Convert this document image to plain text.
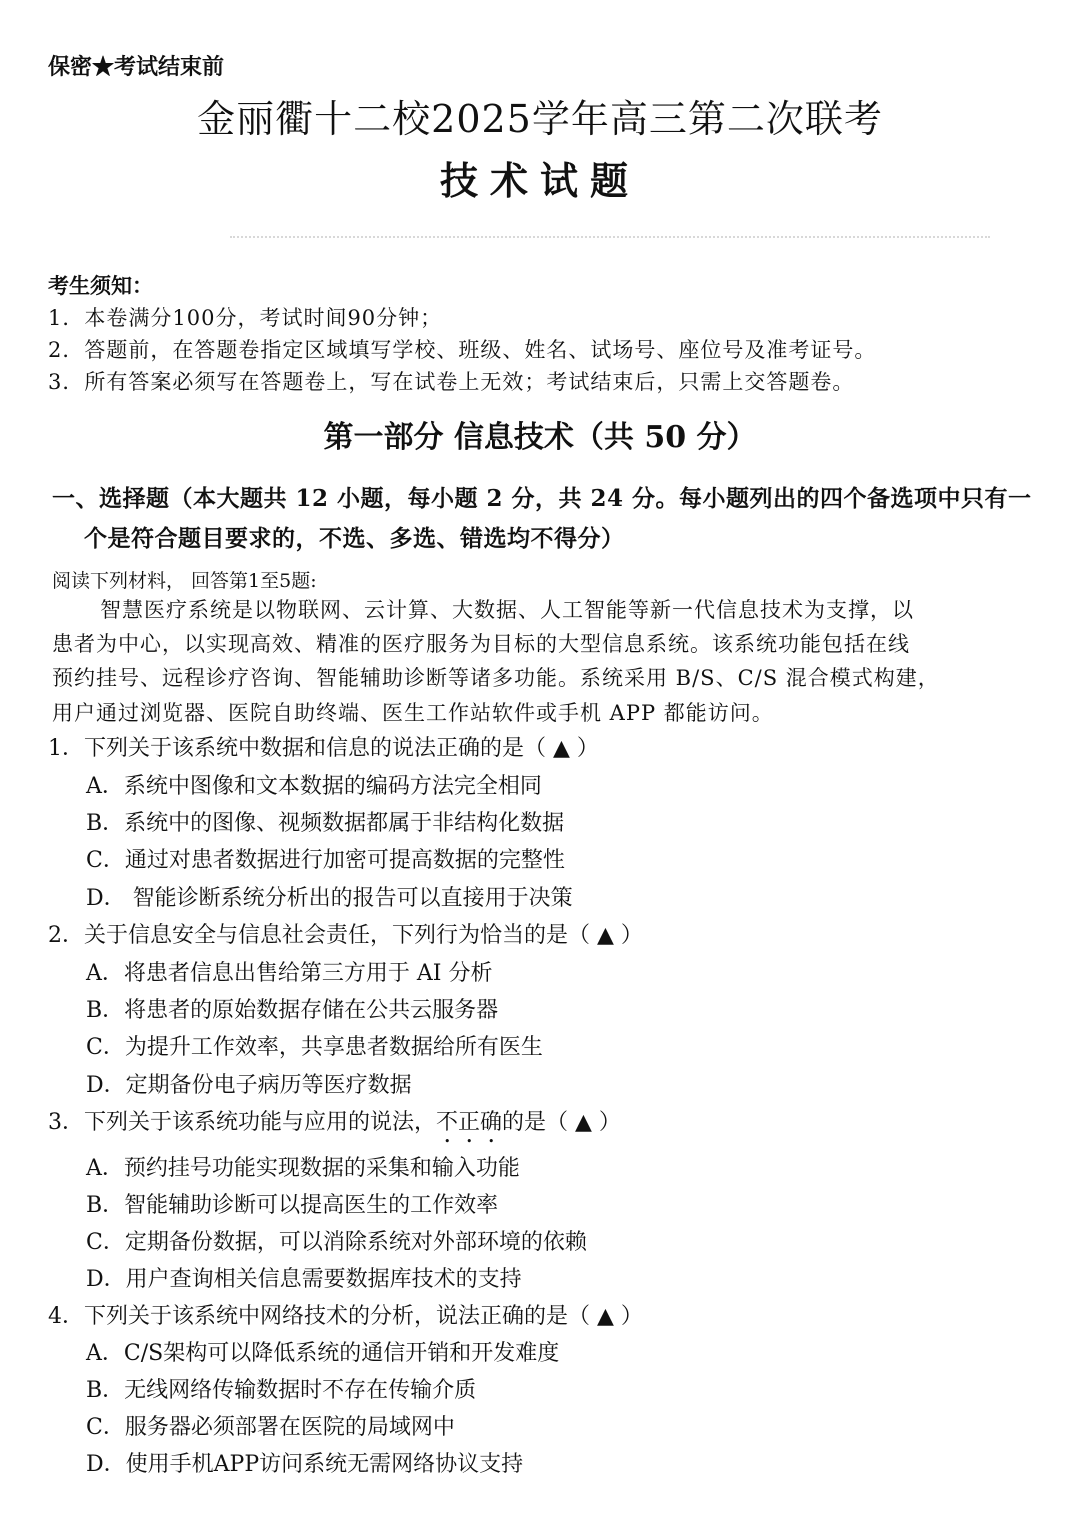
保密★考试结束前
金丽衢十二校2025学年高三第二次联考
技术试题
考生须知：
1．本卷满分100分，考试时间90分钟；
2．答题前，在答题卷指定区域填写学校、班级、姓名、试场号、座位号及准考证号。
3．所有答案必须写在答题卷上，写在试卷上无效；考试结束后，只需上交答题卷。
第一部分 信息技术（共 50 分）
一、选择题（本大题共 12 小题，每小题 2 分，共 24 分。每小题列出的四个备选项中只有一
个是符合题目要求的，不选、多选、错选均不得分）
阅读下列材料， 回答第1至5题:
智慧医疗系统是以物联网、云计算、大数据、人工智能等新一代信息技术为支撑，以
患者为中心，以实现高效、精准的医疗服务为目标的大型信息系统。该系统功能包括在线
预约挂号、远程诊疗咨询、智能辅助诊断等诸多功能。系统采用 B/S、C/S 混合模式构建，
用户通过浏览器、医院自助终端、医生工作站软件或手机 APP 都能访问。
1．下列关于该系统中数据和信息的说法正确的是（ ▲ ）
A．系统中图像和文本数据的编码方法完全相同
B．系统中的图像、视频数据都属于非结构化数据
C．通过对患者数据进行加密可提高数据的完整性
D． 智能诊断系统分析出的报告可以直接用于决策
2．关于信息安全与信息社会责任，下列行为恰当的是（ ▲ ）
A．将患者信息出售给第三方用于 AI 分析
B．将患者的原始数据存储在公共云服务器
C．为提升工作效率，共享患者数据给所有医生
D．定期备份电子病历等医疗数据
3．下列关于该系统功能与应用的说法，不正确的是（ ▲ ）
A．预约挂号功能实现数据的采集和输入功能
B．智能辅助诊断可以提高医生的工作效率
C．定期备份数据，可以消除系统对外部环境的依赖
D．用户查询相关信息需要数据库技术的支持
4．下列关于该系统中网络技术的分析，说法正确的是（ ▲ ）
A．C/S架构可以降低系统的通信开销和开发难度
B．无线网络传输数据时不存在传输介质
C．服务器必须部署在医院的局域网中
D．使用手机APP访问系统无需网络协议支持
